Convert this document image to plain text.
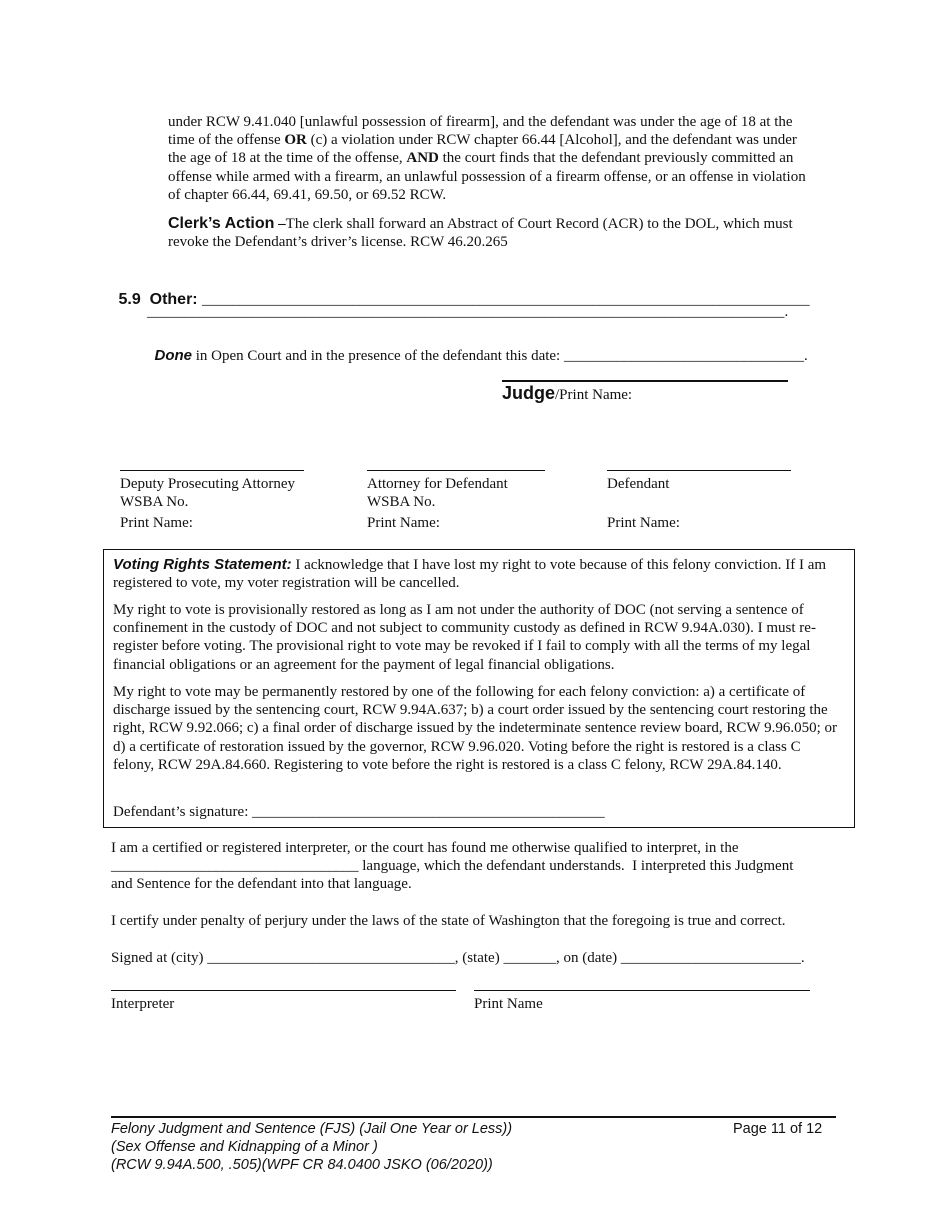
under RCW 9.41.040 [unlawful possession of firearm], and the defendant was under the age of 18 at the
time of the offense OR (c) a violation under RCW chapter 66.44 [Alcohol], and the defendant was under
the age of 18 at the time of the offense, AND the court finds that the defendant previously committed an
offense while armed with a firearm, an unlawful possession of a firearm offense, or an offense in violation
of chapter 66.44, 69.41, 69.50, or 69.52 RCW.
Clerk’s Action –The clerk shall forward an Abstract of Court Record (ACR) to the DOL, which must
revoke the Defendant’s driver’s license. RCW 46.20.265

5.9  Other: _________________________________________________________________________________

_____________________________________________________________________________________.

Done in Open Court and in the presence of the defendant this date: ________________________________.

Judge/Print Name:
Deputy Prosecuting Attorney
WSBA No.
Print Name:
Attorney for Defendant
WSBA No.
Print Name:
Defendant
Print Name:

Voting Rights Statement: I acknowledge that I have lost my right to vote because of this felony conviction. If I am registered to vote, my voter registration will be cancelled.

My right to vote is provisionally restored as long as I am not under the authority of DOC (not serving a sentence of confinement in the custody of DOC and not subject to community custody as defined in RCW 9.94A.030). I must re-register before voting. The provisional right to vote may be revoked if I fail to comply with all the terms of my legal financial obligations or an agreement for the payment of legal financial obligations.

My right to vote may be permanently restored by one of the following for each felony conviction: a) a certificate of discharge issued by the sentencing court, RCW 9.94A.637; b) a court order issued by the sentencing court restoring the right, RCW 9.92.066; c) a final order of discharge issued by the indeterminate sentence review board, RCW 9.96.050; or d) a certificate of restoration issued by the governor, RCW 9.96.020. Voting before the right is restored is a class C felony, RCW 29A.84.660. Registering to vote before the right is restored is a class C felony, RCW 29A.84.140.

Defendant’s signature: _______________________________________________

I am a certified or registered interpreter, or the court has found me otherwise qualified to interpret, in the
_________________________________ language, which the defendant understands.  I interpreted this Judgment
and Sentence for the defendant into that language.
I certify under penalty of perjury under the laws of the state of Washington that the foregoing is true and correct.
Signed at (city) _________________________________, (state) _______, on (date) ________________________.
Interpreter	Print Name
Felony Judgment and Sentence (FJS) (Jail One Year or Less))
(Sex Offense and Kidnapping of a Minor )
(RCW 9.94A.500, .505)(WPF CR 84.0400 JSKO (06/2020))
Page 11 of 12
